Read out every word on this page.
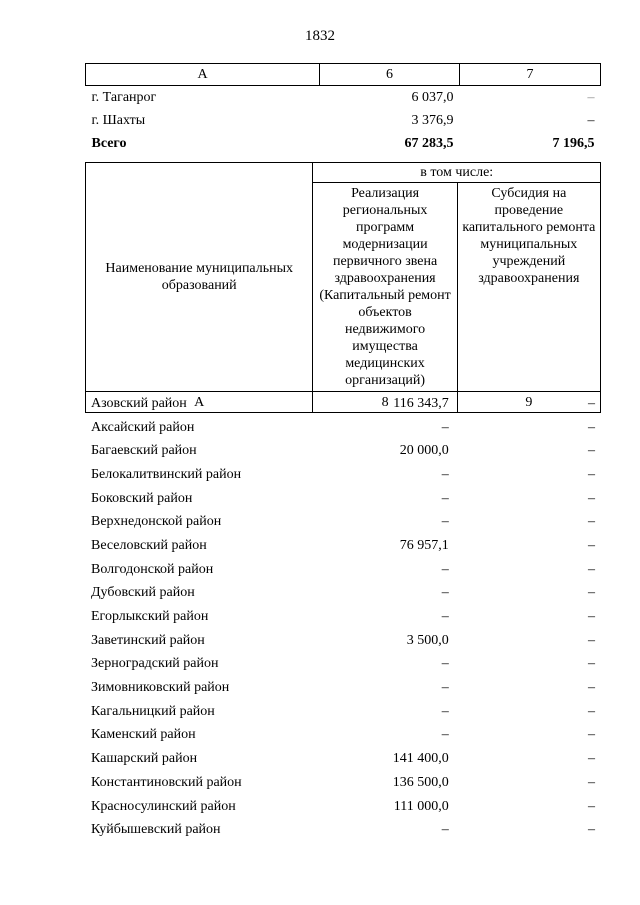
1832
А	6	7
г. Таганрог	6 037,0	–
г. Шахты	3 376,9	–
Всего	67 283,5	7 196,5
Наименование муниципальных образований	в том числе:	
	Реализация региональных программ модернизации первичного звена здравоохранения (Капитальный ремонт объектов недвижимого имущества медицинских организаций)	Субсидия на проведение капитального ремонта муниципальных учреждений здравоохранения
А	8	9
Азовский район	116 343,7	–
Аксайский район	–	–
Багаевский район	20 000,0	–
Белокалитвинский район	–	–
Боковский район	–	–
Верхнедонской район	–	–
Веселовский район	76 957,1	–
Волгодонской район	–	–
Дубовский район	–	–
Егорлыкский район	–	–
Заветинский район	3 500,0	–
Зерноградский район	–	–
Зимовниковский район	–	–
Кагальницкий район	–	–
Каменский район	–	–
Кашарский район	141 400,0	–
Константиновский район	136 500,0	–
Красносулинский район	111 000,0	–
Куйбышевский район	–	–
